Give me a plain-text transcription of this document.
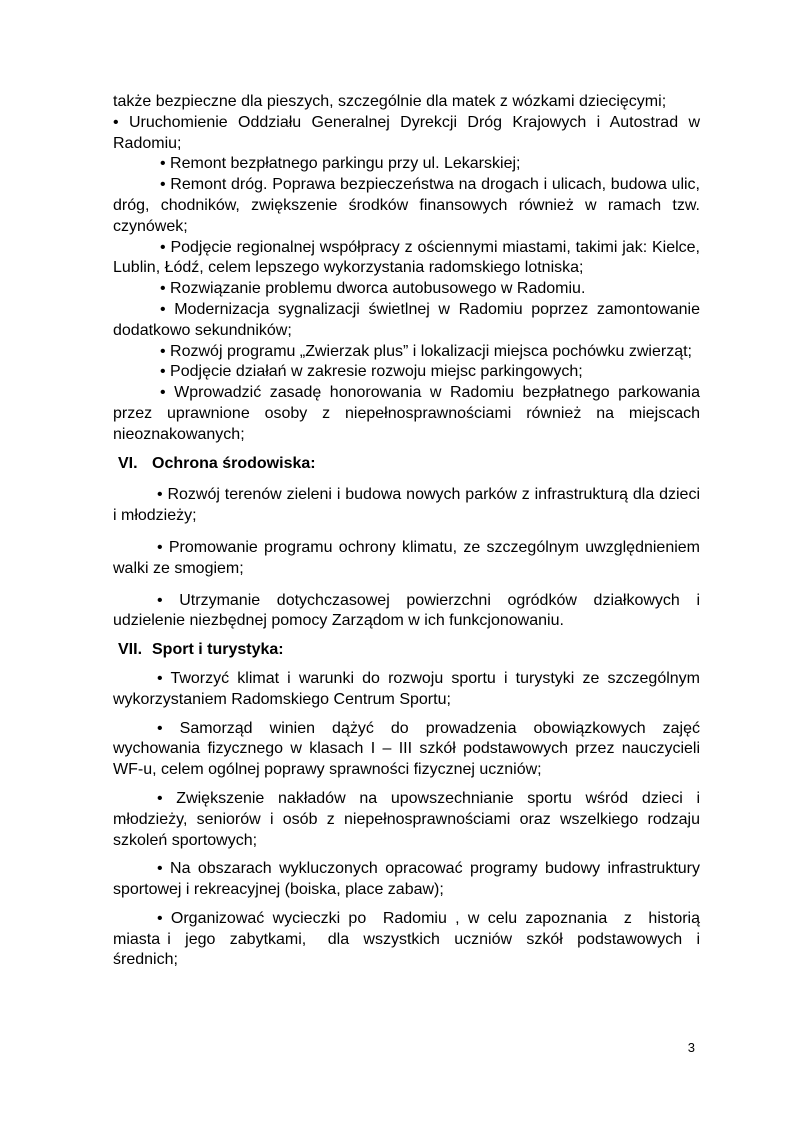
także bezpieczne dla pieszych, szczególnie dla matek z wózkami dziecięcymi;

• Uruchomienie Oddziału Generalnej Dyrekcji Dróg Krajowych i Autostrad w Radomiu;

• Remont bezpłatnego parkingu przy ul. Lekarskiej;

• Remont dróg. Poprawa bezpieczeństwa na drogach i ulicach, budowa ulic, dróg, chodników, zwiększenie środków finansowych również w ramach tzw. czynówek;

• Podjęcie regionalnej współpracy z ościennymi miastami, takimi jak: Kielce, Lublin, Łódź, celem lepszego wykorzystania radomskiego lotniska;

• Rozwiązanie problemu dworca autobusowego w Radomiu.

• Modernizacja sygnalizacji świetlnej w Radomiu poprzez zamontowanie dodatkowo sekundników;

• Rozwój programu „Zwierzak plus” i lokalizacji miejsca pochówku zwierząt;

• Podjęcie działań w zakresie rozwoju miejsc parkingowych;

• Wprowadzić zasadę honorowania w Radomiu bezpłatnego parkowania przez uprawnione osoby z niepełnosprawnościami również na miejscach nieoznakowanych;

VI. Ochrona środowiska:

• Rozwój terenów zieleni i budowa nowych parków z infrastrukturą dla dzieci i młodzieży;

• Promowanie programu ochrony klimatu, ze szczególnym uwzględnieniem walki ze smogiem;

• Utrzymanie dotychczasowej powierzchni ogródków działkowych i udzielenie niezbędnej pomocy Zarządom w ich funkcjonowaniu.

VII. Sport i turystyka:

• Tworzyć klimat i warunki do rozwoju sportu i turystyki ze szczególnym wykorzystaniem Radomskiego Centrum Sportu;

• Samorząd winien dążyć do prowadzenia obowiązkowych zajęć wychowania fizycznego w klasach I – III szkół podstawowych przez nauczycieli WF-u, celem ogólnej poprawy sprawności fizycznej uczniów;

• Zwiększenie nakładów na upowszechnianie sportu wśród dzieci i młodzieży, seniorów i osób z niepełnosprawnościami oraz wszelkiego rodzaju szkoleń sportowych;

• Na obszarach wykluczonych opracować programy budowy infrastruktury sportowej i rekreacyjnej (boiska, place zabaw);

• Organizować wycieczki po  Radomiu , w celu zapoznania  z  historią  miasta i  jego  zabytkami,   dla  wszystkich  uczniów  szkół  podstawowych  i  średnich;

3
